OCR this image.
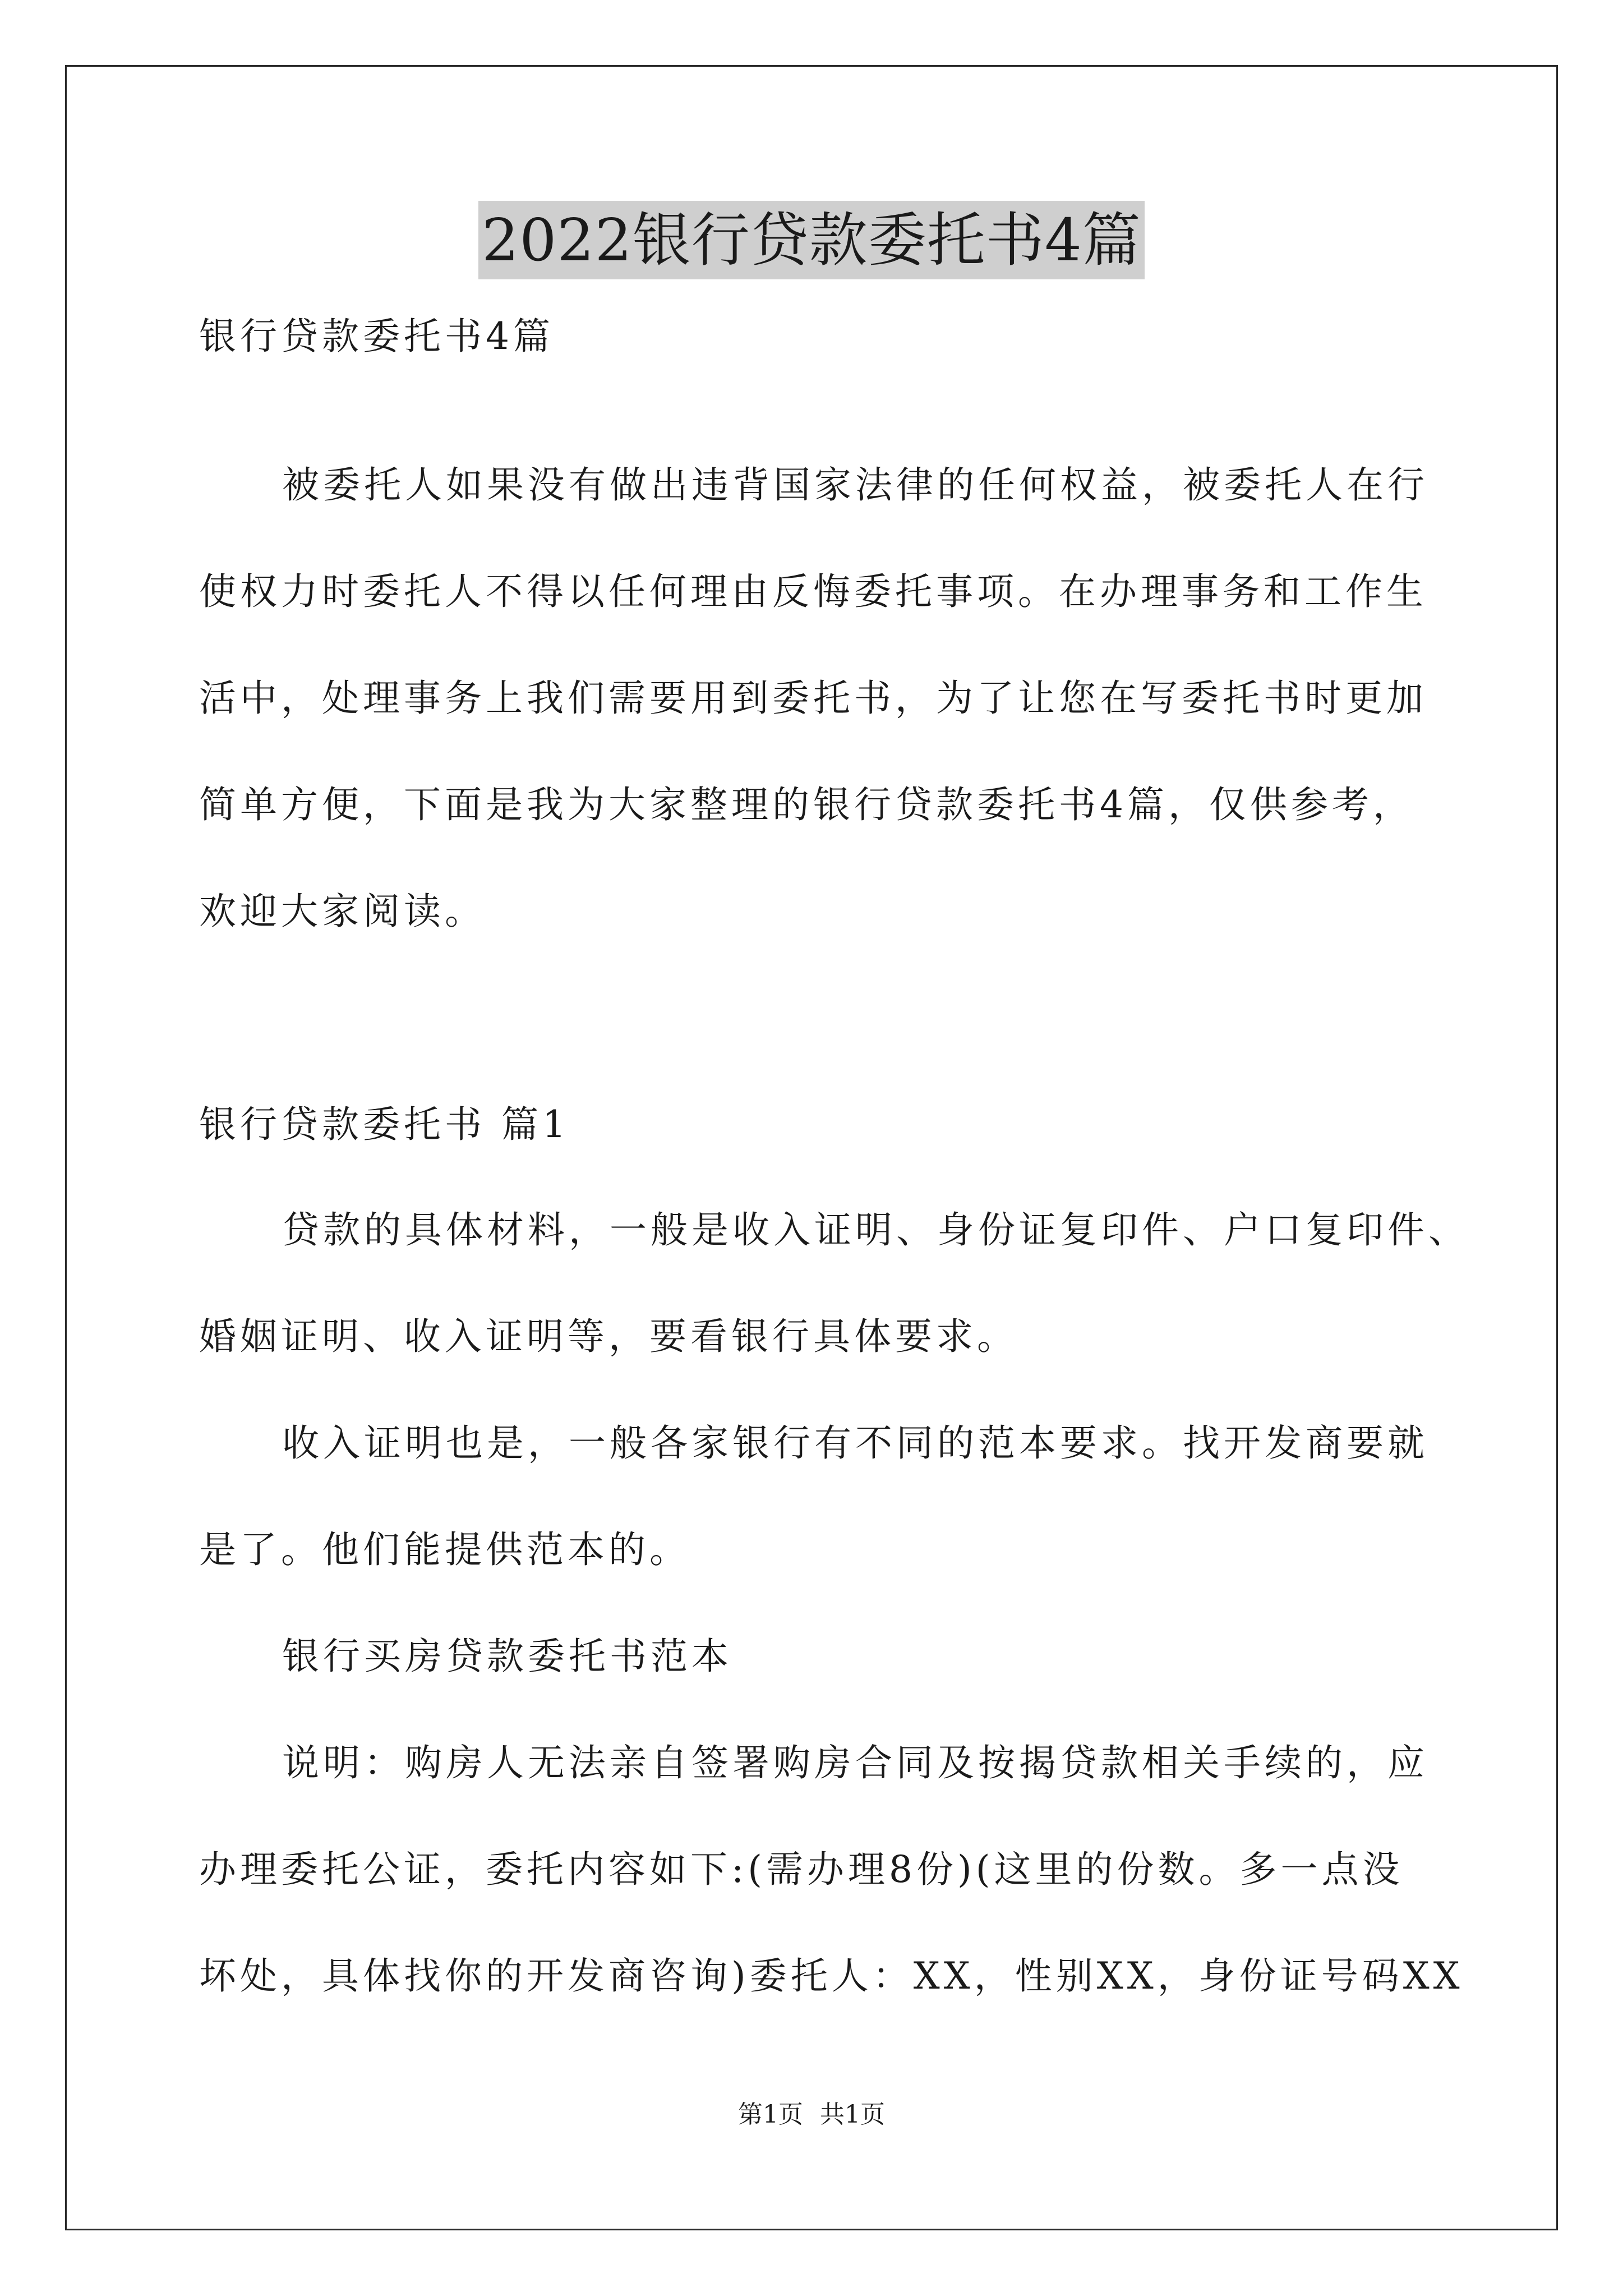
2022银行贷款委托书4篇
银行贷款委托书4篇
被委托人如果没有做出违背国家法律的任何权益，被委托人在行
使权力时委托人不得以任何理由反悔委托事项。在办理事务和工作生
活中，处理事务上我们需要用到委托书，为了让您在写委托书时更加
简单方便，下面是我为大家整理的银行贷款委托书4篇，仅供参考，
欢迎大家阅读。
银行贷款委托书 篇1
贷款的具体材料，一般是收入证明、身份证复印件、户口复印件、
婚姻证明、收入证明等，要看银行具体要求。
收入证明也是，一般各家银行有不同的范本要求。找开发商要就
是了。他们能提供范本的。
银行买房贷款委托书范本
说明：购房人无法亲自签署购房合同及按揭贷款相关手续的，应
办理委托公证，委托内容如下:(需办理8份)(这里的份数。多一点没
坏处，具体找你的开发商咨询)委托人：XX，性别XX，身份证号码XX
第1页 共1页
